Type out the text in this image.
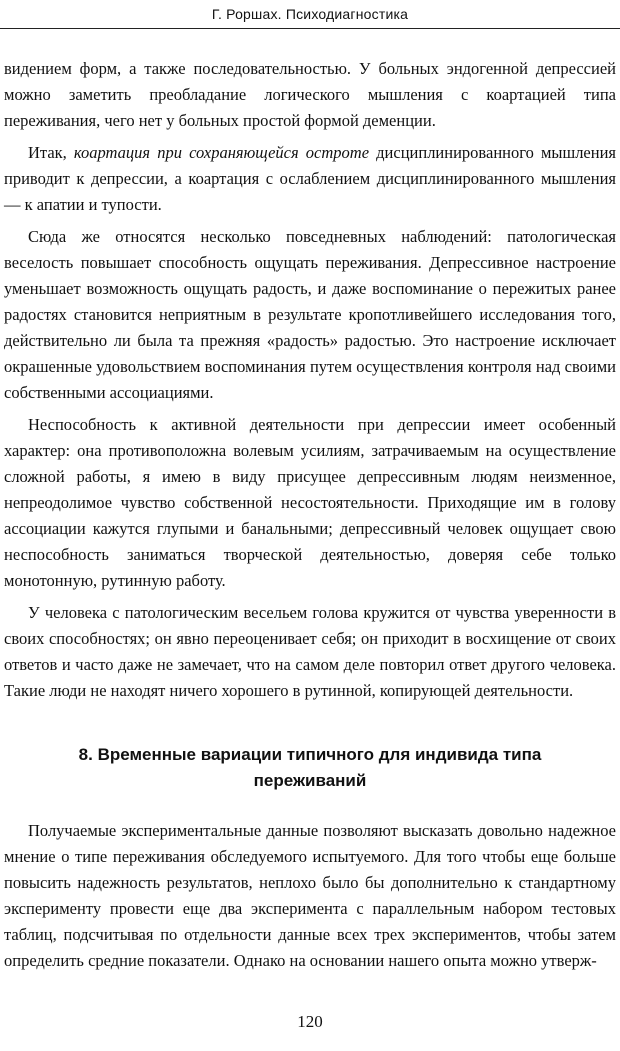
Г. Роршах. Психодиагностика

видением форм, а также последовательностью. У больных эндогенной депрессией можно заметить преобладание логического мышления с коартацией типа переживания, чего нет у больных простой формой деменции.

Итак, коартация при сохраняющейся остроте дисциплинированного мышления приводит к депрессии, а коартация с ослаблением дисциплинированного мышления — к апатии и тупости.

Сюда же относятся несколько повседневных наблюдений: патологическая веселость повышает способность ощущать переживания. Депрессивное настроение уменьшает возможность ощущать радость, и даже воспоминание о пережитых ранее радостях становится неприятным в результате кропотливейшего исследования того, действительно ли была та прежняя «радость» радостью. Это настроение исключает окрашенные удовольствием воспоминания путем осуществления контроля над своими собственными ассоциациями.

Неспособность к активной деятельности при депрессии имеет особенный характер: она противоположна волевым усилиям, затрачиваемым на осуществление сложной работы, я имею в виду присущее депрессивным людям неизменное, непреодолимое чувство собственной несостоятельности. Приходящие им в голову ассоциации кажутся глупыми и банальными; депрессивный человек ощущает свою неспособность заниматься творческой деятельностью, доверяя себе только монотонную, рутинную работу.

У человека с патологическим весельем голова кружится от чувства уверенности в своих способностях; он явно переоценивает себя; он приходит в восхищение от своих ответов и часто даже не замечает, что на самом деле повторил ответ другого человека. Такие люди не находят ничего хорошего в рутинной, копирующей деятельности.

8. Временные вариации типичного для индивида типа переживаний

Получаемые экспериментальные данные позволяют высказать довольно надежное мнение о типе переживания обследуемого испытуемого. Для того чтобы еще больше повысить надежность результатов, неплохо было бы дополнительно к стандартному эксперименту провести еще два эксперимента с параллельным набором тестовых таблиц, подсчитывая по отдельности данные всех трех экспериментов, чтобы затем определить средние показатели. Однако на основании нашего опыта можно утверж-

120
